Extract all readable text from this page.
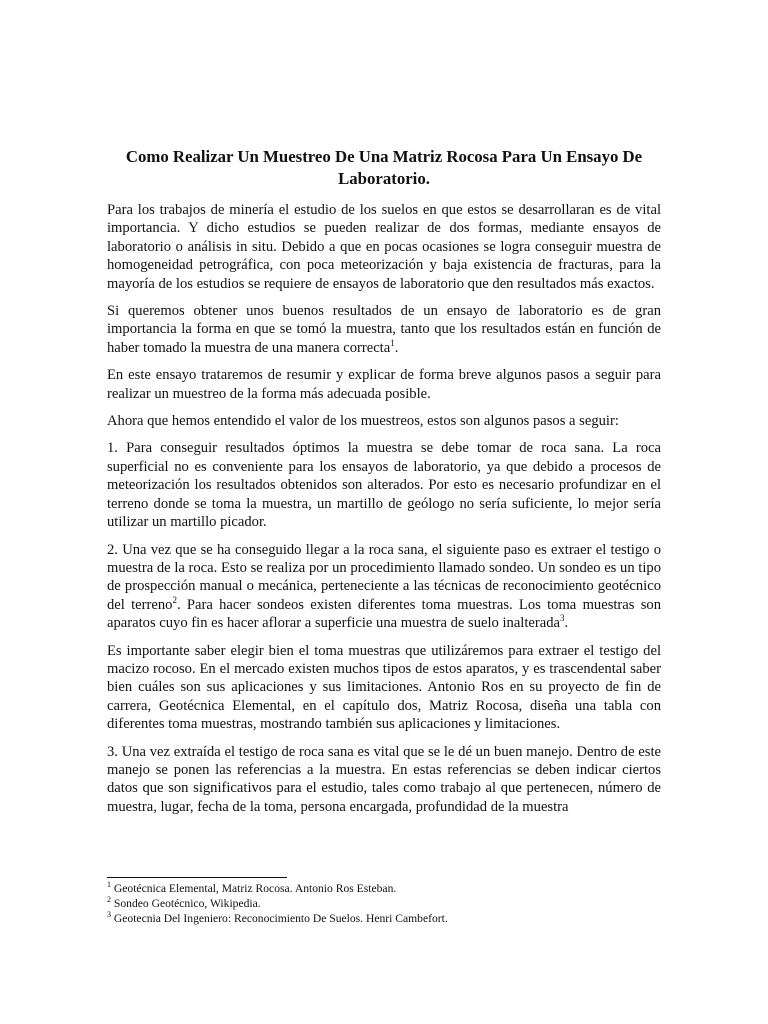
Como Realizar Un Muestreo De Una Matriz Rocosa Para Un Ensayo De Laboratorio.

Para los trabajos de minería el estudio de los suelos en que estos se desarrollaran es de vital importancia. Y dicho estudios se pueden realizar de dos formas, mediante ensayos de laboratorio o análisis in situ. Debido a que en pocas ocasiones se logra conseguir muestra de homogeneidad petrográfica, con poca meteorización y baja existencia de fracturas, para la mayoría de los estudios se requiere de ensayos de laboratorio que den resultados más exactos.

Si queremos obtener unos buenos resultados de un ensayo de laboratorio es de gran importancia la forma en que se tomó la muestra, tanto que los resultados están en función de haber tomado la muestra de una manera correcta$^1$.

En este ensayo trataremos de resumir y explicar de forma breve algunos pasos a seguir para realizar un muestreo de la forma más adecuada posible.

Ahora que hemos entendido el valor de los muestreos, estos son algunos pasos a seguir:

1. Para conseguir resultados óptimos la muestra se debe tomar de roca sana. La roca superficial no es conveniente para los ensayos de laboratorio, ya que debido a procesos de meteorización los resultados obtenidos son alterados. Por esto es necesario profundizar en el terreno donde se toma la muestra, un martillo de geólogo no sería suficiente, lo mejor sería utilizar un martillo picador.

2. Una vez que se ha conseguido llegar a la roca sana, el siguiente paso es extraer el testigo o muestra de la roca. Esto se realiza por un procedimiento llamado sondeo. Un sondeo es un tipo de prospección manual o mecánica, perteneciente a las técnicas de reconocimiento geotécnico del terreno$^2$. Para hacer sondeos existen diferentes toma muestras. Los toma muestras son aparatos cuyo fin es hacer aflorar a superficie una muestra de suelo inalterada$^3$.

Es importante saber elegir bien el toma muestras que utilizáremos para extraer el testigo del macizo rocoso. En el mercado existen muchos tipos de estos aparatos, y es trascendental saber bien cuáles son sus aplicaciones y sus limitaciones. Antonio Ros en su proyecto de fin de carrera, Geotécnica Elemental, en el capítulo dos, Matriz Rocosa, diseña una tabla con diferentes toma muestras, mostrando también sus aplicaciones y limitaciones.

3. Una vez extraída el testigo de roca sana es vital que se le dé un buen manejo. Dentro de este manejo se ponen las referencias a la muestra. En estas referencias se deben indicar ciertos datos que son significativos para el estudio, tales como trabajo al que pertenecen, número de muestra, lugar, fecha de la toma, persona encargada, profundidad de la muestra

$^1$ Geotécnica Elemental, Matriz Rocosa. Antonio Ros Esteban.

$^2$ Sondeo Geotécnico, Wikipedia.

$^3$ Geotecnia Del Ingeniero: Reconocimiento De Suelos. Henri Cambefort.
